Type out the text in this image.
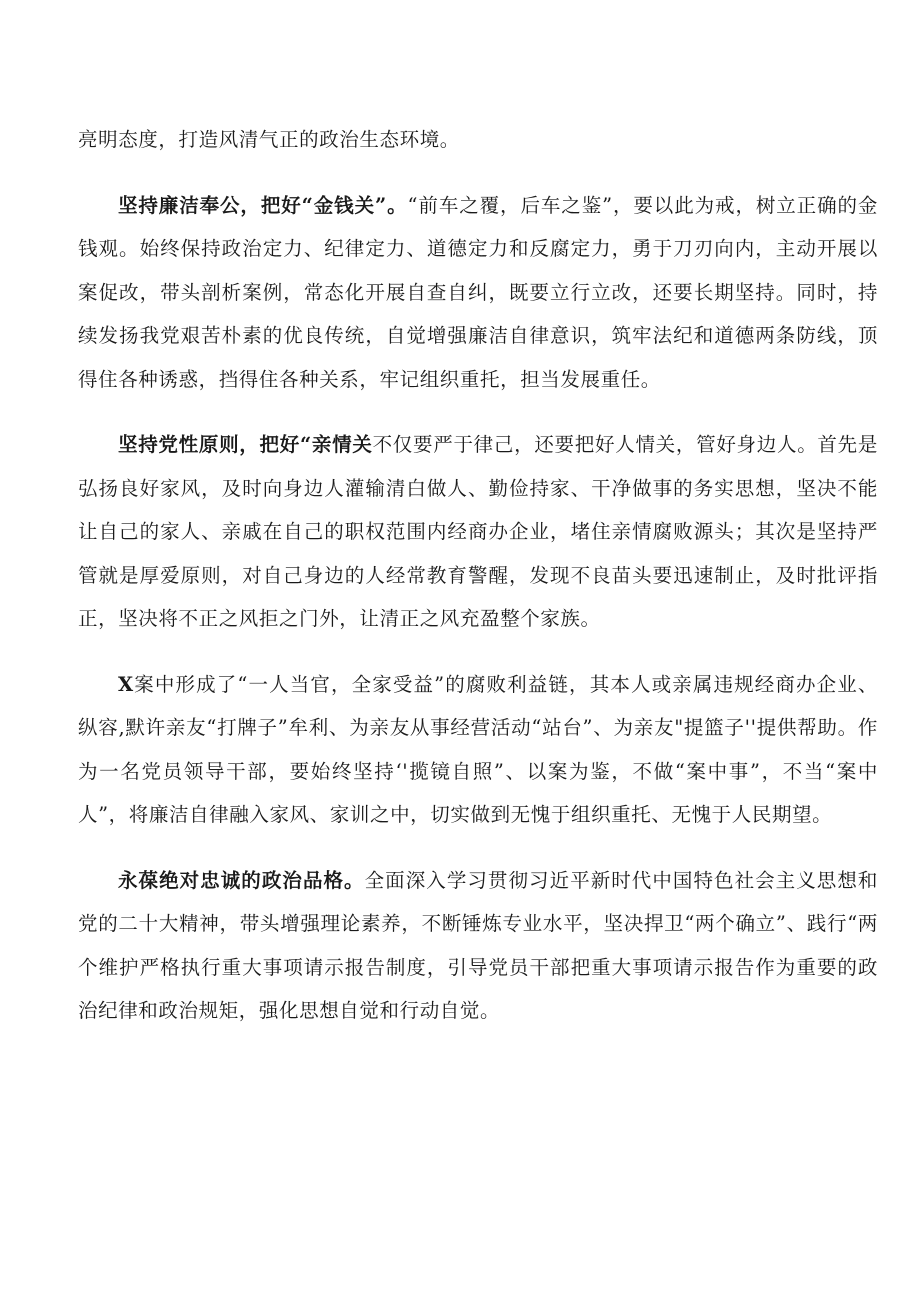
亮明态度，打造风清气正的政治生态环境。

坚持廉洁奉公，把好“金钱关”。“前车之覆，后车之鉴”，要以此为戒，树立正确的金钱观。始终保持政治定力、纪律定力、道德定力和反腐定力，勇于刀刃向内，主动开展以案促改，带头剖析案例，常态化开展自查自纠，既要立行立改，还要长期坚持。同时，持续发扬我党艰苦朴素的优良传统，自觉增强廉洁自律意识，筑牢法纪和道德两条防线，顶得住各种诱惑，挡得住各种关系，牢记组织重托，担当发展重任。

坚持党性原则，把好“亲情关不仅要严于律己，还要把好人情关，管好身边人。首先是弘扬良好家风，及时向身边人灌输清白做人、勤俭持家、干净做事的务实思想，坚决不能让自己的家人、亲戚在自己的职权范围内经商办企业，堵住亲情腐败源头；其次是坚持严管就是厚爱原则，对自己身边的人经常教育警醒，发现不良苗头要迅速制止，及时批评指正，坚决将不正之风拒之门外，让清正之风充盈整个家族。

X案中形成了“一人当官，全家受益”的腐败利益链，其本人或亲属违规经商办企业、纵容,默许亲友“打牌子”牟利、为亲友从事经营活动“站台”、为亲友"提篮子''提供帮助。作为一名党员领导干部，要始终坚持‘'揽镜自照”、以案为鉴，不做“案中事”，不当“案中人”，将廉洁自律融入家风、家训之中，切实做到无愧于组织重托、无愧于人民期望。

永葆绝对忠诚的政治品格。全面深入学习贯彻习近平新时代中国特色社会主义思想和党的二十大精神，带头增强理论素养，不断锤炼专业水平，坚决捍卫“两个确立”、践行“两个维护严格执行重大事项请示报告制度，引导党员干部把重大事项请示报告作为重要的政治纪律和政治规矩，强化思想自觉和行动自觉。
